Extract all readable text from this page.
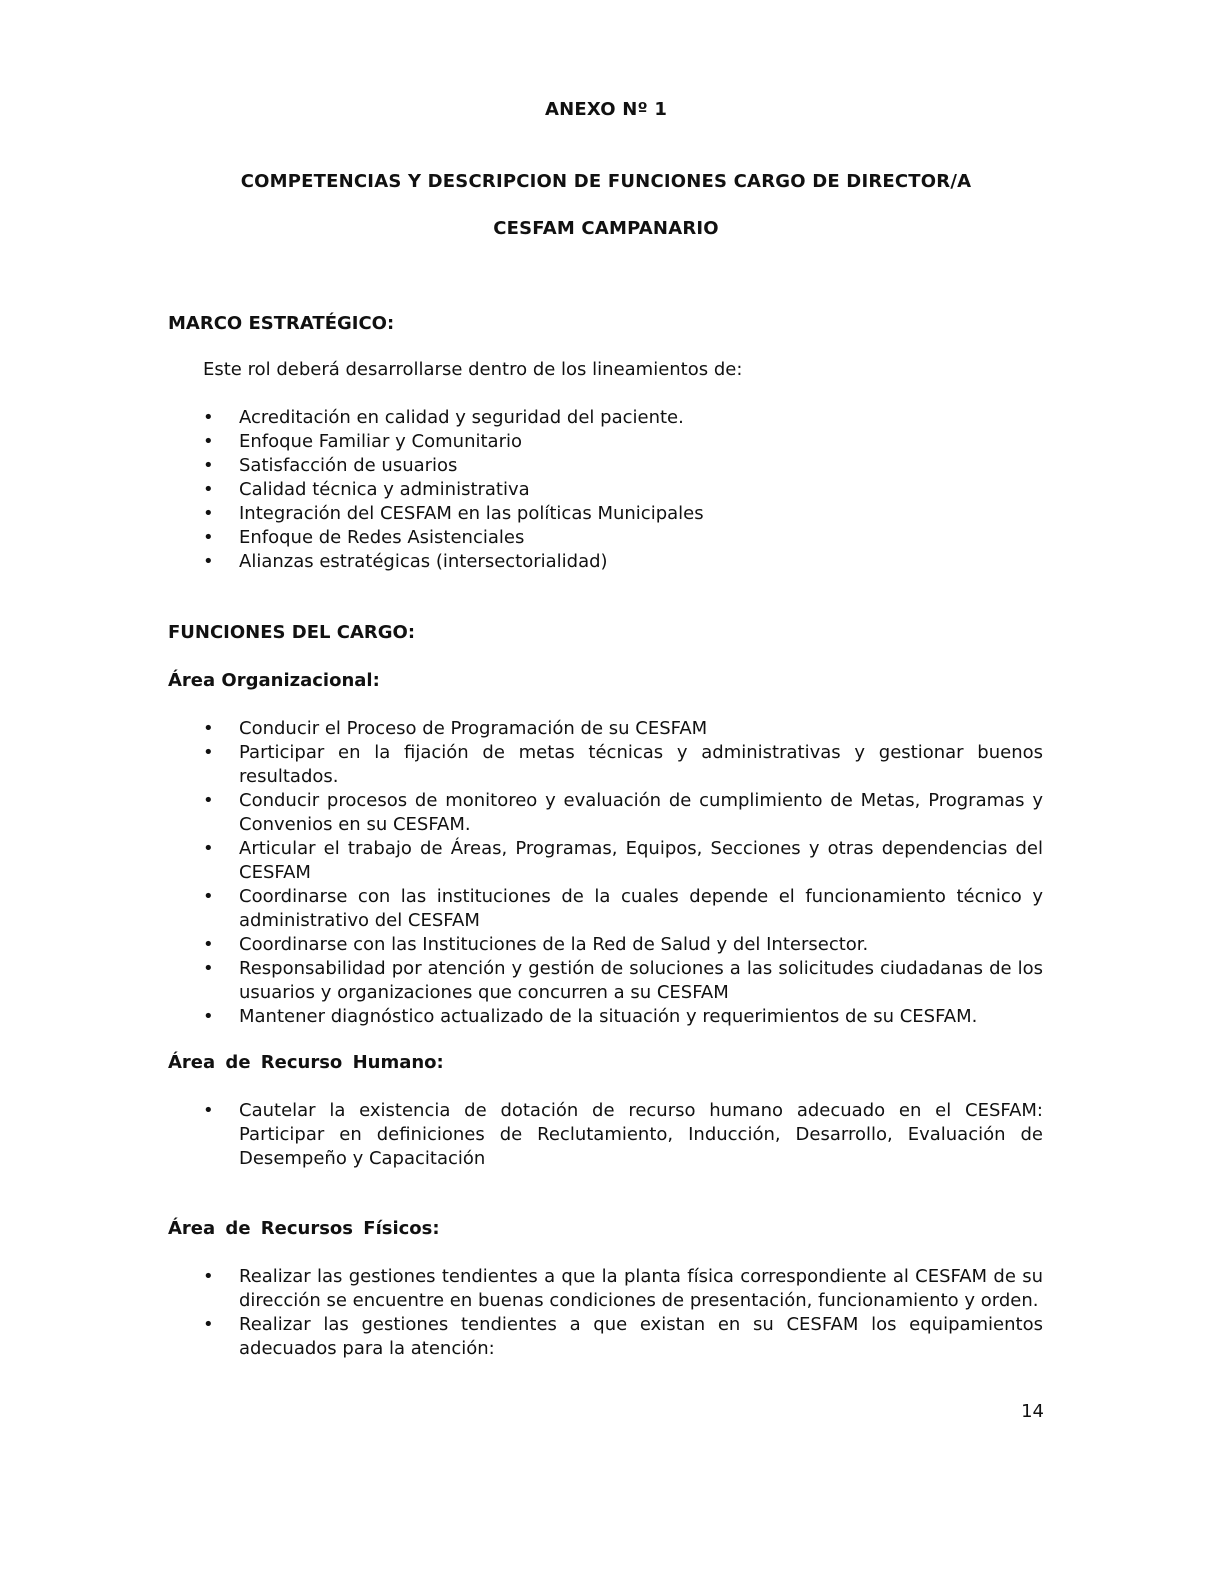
ANEXO Nº 1
COMPETENCIAS Y DESCRIPCION DE FUNCIONES CARGO DE DIRECTOR/A
CESFAM CAMPANARIO
MARCO ESTRATÉGICO:
Este rol deberá desarrollarse dentro de los lineamientos de:
• Acreditación en calidad y seguridad del paciente.
• Enfoque Familiar y Comunitario
• Satisfacción de usuarios
• Calidad técnica y administrativa
• Integración del CESFAM en las políticas Municipales
• Enfoque de Redes Asistenciales
• Alianzas estratégicas (intersectorialidad)
FUNCIONES DEL CARGO:
Área Organizacional:
• Conducir el Proceso de Programación de su CESFAM
• Participar en la fijación de metas técnicas y administrativas y gestionar buenos resultados.
• Conducir procesos de monitoreo y evaluación de cumplimiento de Metas, Programas y Convenios en su CESFAM.
• Articular el trabajo de Áreas, Programas, Equipos, Secciones y otras dependencias del CESFAM
• Coordinarse con las instituciones de la cuales depende el funcionamiento técnico y administrativo del CESFAM
• Coordinarse con las Instituciones de la Red de Salud y del Intersector.
• Responsabilidad por atención y gestión de soluciones a las solicitudes ciudadanas de los usuarios y organizaciones que concurren a su CESFAM
• Mantener diagnóstico actualizado de la situación y requerimientos de su CESFAM.
Área de Recurso Humano:
• Cautelar la existencia de dotación de recurso humano adecuado en el CESFAM: Participar en definiciones de Reclutamiento, Inducción, Desarrollo, Evaluación de Desempeño y Capacitación
Área de Recursos Físicos:
• Realizar las gestiones tendientes a que la planta física correspondiente al CESFAM de su dirección se encuentre en buenas condiciones de presentación, funcionamiento y orden.
• Realizar las gestiones tendientes a que existan en su CESFAM los equipamientos adecuados para la atención:
14
